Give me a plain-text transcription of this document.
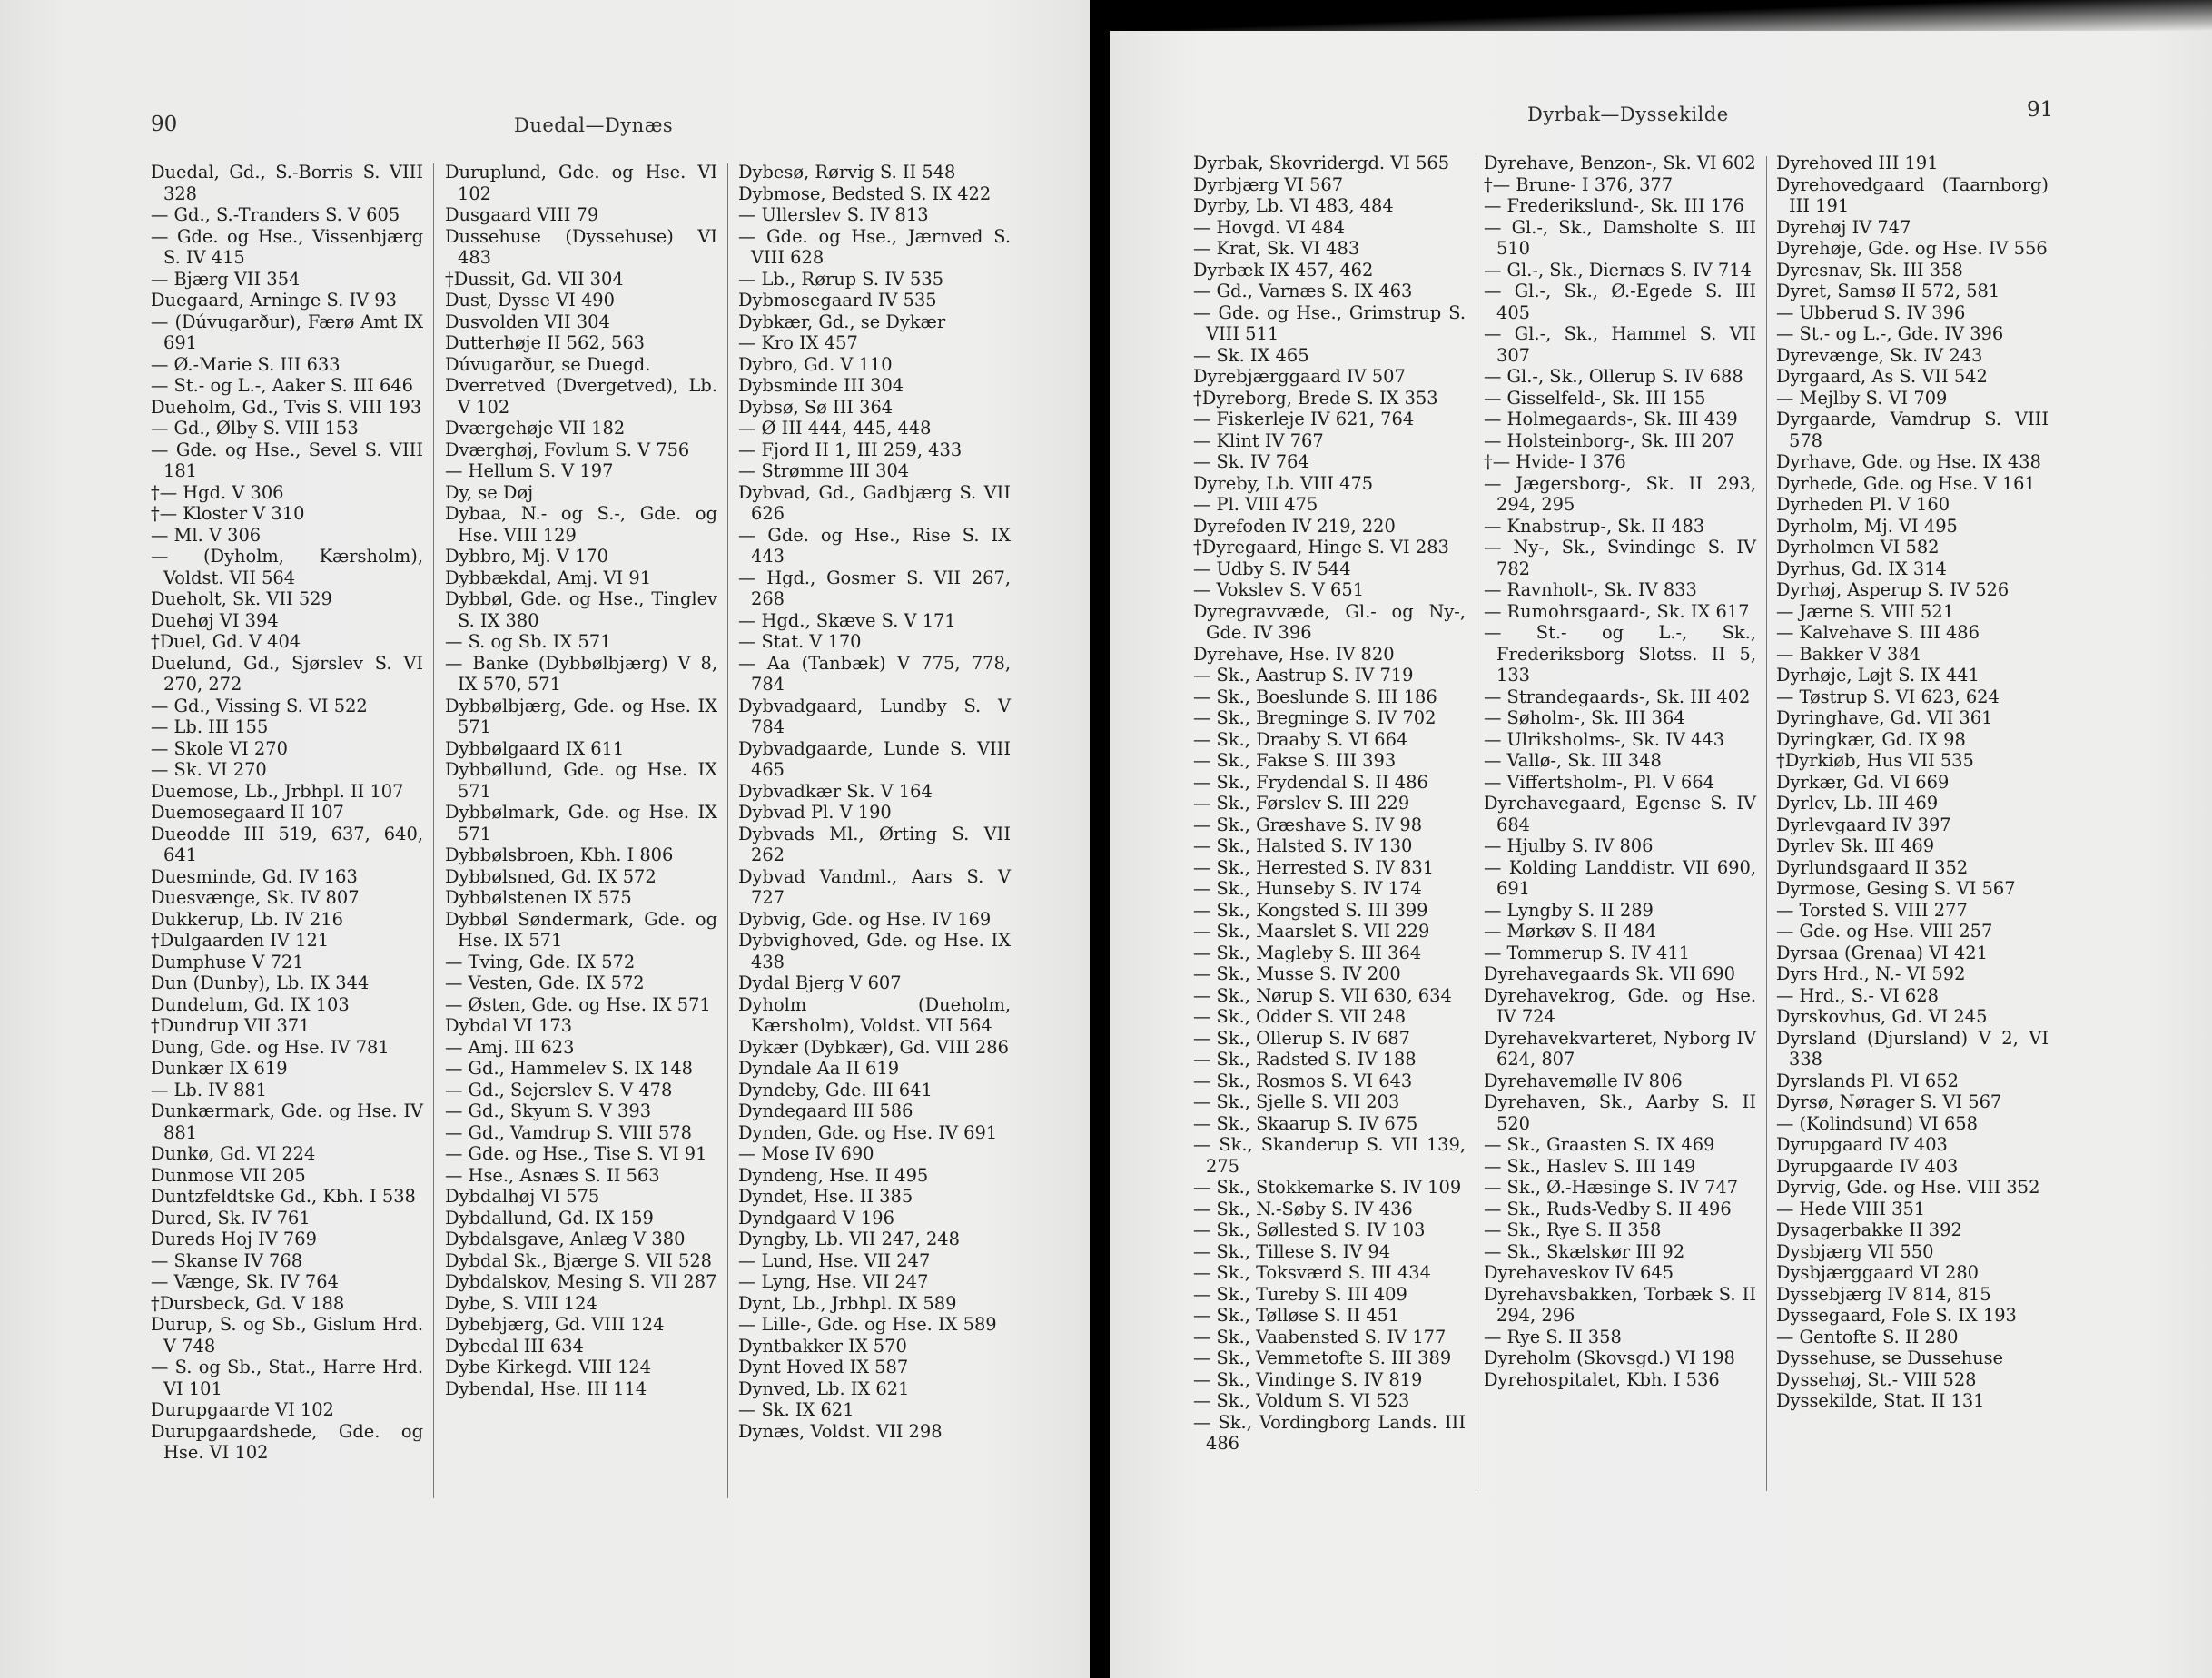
90	Duedal—Dynæs

Duedal, Gd., S.-Borris S. VIII 328

— Gd., S.-Tranders S. V 605

— Gde. og Hse., Vissenbjærg S. IV 415

— Bjærg VII 354

Duegaard, Arninge S. IV 93

— (Dúvugarður), Færø Amt IX 691

— Ø.-Marie S. III 633

— St.- og L.-, Aaker S. III 646

Dueholm, Gd., Tvis S. VIII 193

— Gd., Ølby S. VIII 153

— Gde. og Hse., Sevel S. VIII 181

†— Hgd. V 306

†— Kloster V 310

— Ml. V 306

— (Dyholm, Kærsholm), Voldst. VII 564

Dueholt, Sk. VII 529

Duehøj VI 394

†Duel, Gd. V 404

Duelund, Gd., Sjørslev S. VI 270, 272

— Gd., Vissing S. VI 522

— Lb. III 155

— Skole VI 270

— Sk. VI 270

Duemose, Lb., Jrbhpl. II 107

Duemosegaard II 107

Dueodde III 519, 637, 640, 641

Duesminde, Gd. IV 163

Duesvænge, Sk. IV 807

Dukkerup, Lb. IV 216

†Dulgaarden IV 121

Dumphuse V 721

Dun (Dunby), Lb. IX 344

Dundelum, Gd. IX 103

†Dundrup VII 371

Dung, Gde. og Hse. IV 781

Dunkær IX 619

— Lb. IV 881

Dunkærmark, Gde. og Hse. IV 881

Dunkø, Gd. VI 224

Dunmose VII 205

Duntzfeldtske Gd., Kbh. I 538

Dured, Sk. IV 761

Dureds Hoj IV 769

— Skanse IV 768

— Vænge, Sk. IV 764

†Dursbeck, Gd. V 188

Durup, S. og Sb., Gislum Hrd. V 748

— S. og Sb., Stat., Harre Hrd. VI 101

Durupgaarde VI 102

Durupgaardshede, Gde. og Hse. VI 102

Duruplund, Gde. og Hse. VI 102

Dusgaard VIII 79

Dussehuse (Dyssehuse) VI 483

†Dussit, Gd. VII 304

Dust, Dysse VI 490

Dusvolden VII 304

Dutterhøje II 562, 563

Dúvugarður, se Duegd.

Dverretved (Dvergetved), Lb. V 102

Dværgehøje VII 182

Dværghøj, Fovlum S. V 756

— Hellum S. V 197

Dy, se Døj

Dybaa, N.- og S.-, Gde. og Hse. VIII 129

Dybbro, Mj. V 170

Dybbækdal, Amj. VI 91

Dybbøl, Gde. og Hse., Tinglev S. IX 380

— S. og Sb. IX 571

— Banke (Dybbølbjærg) V 8, IX 570, 571

Dybbølbjærg, Gde. og Hse. IX 571

Dybbølgaard IX 611

Dybbøllund, Gde. og Hse. IX 571

Dybbølmark, Gde. og Hse. IX 571

Dybbølsbroen, Kbh. I 806

Dybbølsned, Gd. IX 572

Dybbølstenen IX 575

Dybbøl Søndermark, Gde. og Hse. IX 571

— Tving, Gde. IX 572

— Vesten, Gde. IX 572

— Østen, Gde. og Hse. IX 571

Dybdal VI 173

— Amj. III 623

— Gd., Hammelev S. IX 148

— Gd., Sejerslev S. V 478

— Gd., Skyum S. V 393

— Gd., Vamdrup S. VIII 578

— Gde. og Hse., Tise S. VI 91

— Hse., Asnæs S. II 563

Dybdalhøj VI 575

Dybdallund, Gd. IX 159

Dybdalsgave, Anlæg V 380

Dybdal Sk., Bjærge S. VII 528

Dybdalskov, Mesing S. VII 287

Dybe, S. VIII 124

Dybebjærg, Gd. VIII 124

Dybedal III 634

Dybe Kirkegd. VIII 124

Dybendal, Hse. III 114

Dybesø, Rørvig S. II 548

Dybmose, Bedsted S. IX 422

— Ullerslev S. IV 813

— Gde. og Hse., Jærnved S. VIII 628

— Lb., Rørup S. IV 535

Dybmosegaard IV 535

Dybkær, Gd., se Dykær

— Kro IX 457

Dybro, Gd. V 110

Dybsminde III 304

Dybsø, Sø III 364

— Ø III 444, 445, 448

— Fjord II 1, III 259, 433

— Strømme III 304

Dybvad, Gd., Gadbjærg S. VII 626

— Gde. og Hse., Rise S. IX 443

— Hgd., Gosmer S. VII 267, 268

— Hgd., Skæve S. V 171

— Stat. V 170

— Aa (Tanbæk) V 775, 778, 784

Dybvadgaard, Lundby S. V 784

Dybvadgaarde, Lunde S. VIII 465

Dybvadkær Sk. V 164

Dybvad Pl. V 190

Dybvads Ml., Ørting S. VII 262

Dybvad Vandml., Aars S. V 727

Dybvig, Gde. og Hse. IV 169

Dybvighoved, Gde. og Hse. IX 438

Dydal Bjerg V 607

Dyholm (Dueholm, Kærsholm), Voldst. VII 564

Dykær (Dybkær), Gd. VIII 286

Dyndale Aa II 619

Dyndeby, Gde. III 641

Dyndegaard III 586

Dynden, Gde. og Hse. IV 691

— Mose IV 690

Dyndeng, Hse. II 495

Dyndet, Hse. II 385

Dyndgaard V 196

Dyngby, Lb. VII 247, 248

— Lund, Hse. VII 247

— Lyng, Hse. VII 247

Dynt, Lb., Jrbhpl. IX 589

— Lille-, Gde. og Hse. IX 589

Dyntbakker IX 570

Dynt Hoved IX 587

Dynved, Lb. IX 621

— Sk. IX 621

Dynæs, Voldst. VII 298

Dyrbak—Dyssekilde	91

Dyrbak, Skovridergd. VI 565

Dyrbjærg VI 567

Dyrby, Lb. VI 483, 484

— Hovgd. VI 484

— Krat, Sk. VI 483

Dyrbæk IX 457, 462

— Gd., Varnæs S. IX 463

— Gde. og Hse., Grimstrup S. VIII 511

— Sk. IX 465

Dyrebjærggaard IV 507

†Dyreborg, Brede S. IX 353

— Fiskerleje IV 621, 764

— Klint IV 767

— Sk. IV 764

Dyreby, Lb. VIII 475

— Pl. VIII 475

Dyrefoden IV 219, 220

†Dyregaard, Hinge S. VI 283

— Udby S. IV 544

— Vokslev S. V 651

Dyregravvæde, Gl.- og Ny-, Gde. IV 396

Dyrehave, Hse. IV 820

— Sk., Aastrup S. IV 719

— Sk., Boeslunde S. III 186

— Sk., Bregninge S. IV 702

— Sk., Draaby S. VI 664

— Sk., Fakse S. III 393

— Sk., Frydendal S. II 486

— Sk., Førslev S. III 229

— Sk., Græshave S. IV 98

— Sk., Halsted S. IV 130

— Sk., Herrested S. IV 831

— Sk., Hunseby S. IV 174

— Sk., Kongsted S. III 399

— Sk., Maarslet S. VII 229

— Sk., Magleby S. III 364

— Sk., Musse S. IV 200

— Sk., Nørup S. VII 630, 634

— Sk., Odder S. VII 248

— Sk., Ollerup S. IV 687

— Sk., Radsted S. IV 188

— Sk., Rosmos S. VI 643

— Sk., Sjelle S. VII 203

— Sk., Skaarup S. IV 675

— Sk., Skanderup S. VII 139, 275

— Sk., Stokkemarke S. IV 109

— Sk., N.-Søby S. IV 436

— Sk., Søllested S. IV 103

— Sk., Tillese S. IV 94

— Sk., Toksværd S. III 434

— Sk., Tureby S. III 409

— Sk., Tølløse S. II 451

— Sk., Vaabensted S. IV 177

— Sk., Vemmetofte S. III 389

— Sk., Vindinge S. IV 819

— Sk., Voldum S. VI 523

— Sk., Vordingborg Lands. III 486

Dyrehave, Benzon-, Sk. VI 602

†— Brune- I 376, 377

— Frederikslund-, Sk. III 176

— Gl.-, Sk., Damsholte S. III 510

— Gl.-, Sk., Diernæs S. IV 714

— Gl.-, Sk., Ø.-Egede S. III 405

— Gl.-, Sk., Hammel S. VII 307

— Gl.-, Sk., Ollerup S. IV 688

— Gisselfeld-, Sk. III 155

— Holmegaards-, Sk. III 439

— Holsteinborg-, Sk. III 207

†— Hvide- I 376

— Jægersborg-, Sk. II 293, 294, 295

— Knabstrup-, Sk. II 483

— Ny-, Sk., Svindinge S. IV 782

— Ravnholt-, Sk. IV 833

— Rumohrsgaard-, Sk. IX 617

— St.- og L.-, Sk., Frederiksborg Slotss. II 5, 133

— Strandegaards-, Sk. III 402

— Søholm-, Sk. III 364

— Ulriksholms-, Sk. IV 443

— Vallø-, Sk. III 348

— Viffertsholm-, Pl. V 664

Dyrehavegaard, Egense S. IV 684

— Hjulby S. IV 806

— Kolding Landdistr. VII 690, 691

— Lyngby S. II 289

— Mørkøv S. II 484

— Tommerup S. IV 411

Dyrehavegaards Sk. VII 690

Dyrehavekrog, Gde. og Hse. IV 724

Dyrehavekvarteret, Nyborg IV 624, 807

Dyrehavemølle IV 806

Dyrehaven, Sk., Aarby S. II 520

— Sk., Graasten S. IX 469

— Sk., Haslev S. III 149

— Sk., Ø.-Hæsinge S. IV 747

— Sk., Ruds-Vedby S. II 496

— Sk., Rye S. II 358

— Sk., Skælskør III 92

Dyrehaveskov IV 645

Dyrehavsbakken, Torbæk S. II 294, 296

— Rye S. II 358

Dyreholm (Skovsgd.) VI 198

Dyrehospitalet, Kbh. I 536

Dyrehoved III 191

Dyrehovedgaard (Taarnborg) III 191

Dyrehøj IV 747

Dyrehøje, Gde. og Hse. IV 556

Dyresnav, Sk. III 358

Dyret, Samsø II 572, 581

— Ubberud S. IV 396

— St.- og L.-, Gde. IV 396

Dyrevænge, Sk. IV 243

Dyrgaard, As S. VII 542

— Mejlby S. VI 709

Dyrgaarde, Vamdrup S. VIII 578

Dyrhave, Gde. og Hse. IX 438

Dyrhede, Gde. og Hse. V 161

Dyrheden Pl. V 160

Dyrholm, Mj. VI 495

Dyrholmen VI 582

Dyrhus, Gd. IX 314

Dyrhøj, Asperup S. IV 526

— Jærne S. VIII 521

— Kalvehave S. III 486

— Bakker V 384

Dyrhøje, Løjt S. IX 441

— Tøstrup S. VI 623, 624

Dyringhave, Gd. VII 361

Dyringkær, Gd. IX 98

†Dyrkiøb, Hus VII 535

Dyrkær, Gd. VI 669

Dyrlev, Lb. III 469

Dyrlevgaard IV 397

Dyrlev Sk. III 469

Dyrlundsgaard II 352

Dyrmose, Gesing S. VI 567

— Torsted S. VIII 277

— Gde. og Hse. VIII 257

Dyrsaa (Grenaa) VI 421

Dyrs Hrd., N.- VI 592

— Hrd., S.- VI 628

Dyrskovhus, Gd. VI 245

Dyrsland (Djursland) V 2, VI 338

Dyrslands Pl. VI 652

Dyrsø, Nørager S. VI 567

— (Kolindsund) VI 658

Dyrupgaard IV 403

Dyrupgaarde IV 403

Dyrvig, Gde. og Hse. VIII 352

— Hede VIII 351

Dysagerbakke II 392

Dysbjærg VII 550

Dysbjærggaard VI 280

Dyssebjærg IV 814, 815

Dyssegaard, Fole S. IX 193

— Gentofte S. II 280

Dyssehuse, se Dussehuse

Dyssehøj, St.- VIII 528

Dyssekilde, Stat. II 131
